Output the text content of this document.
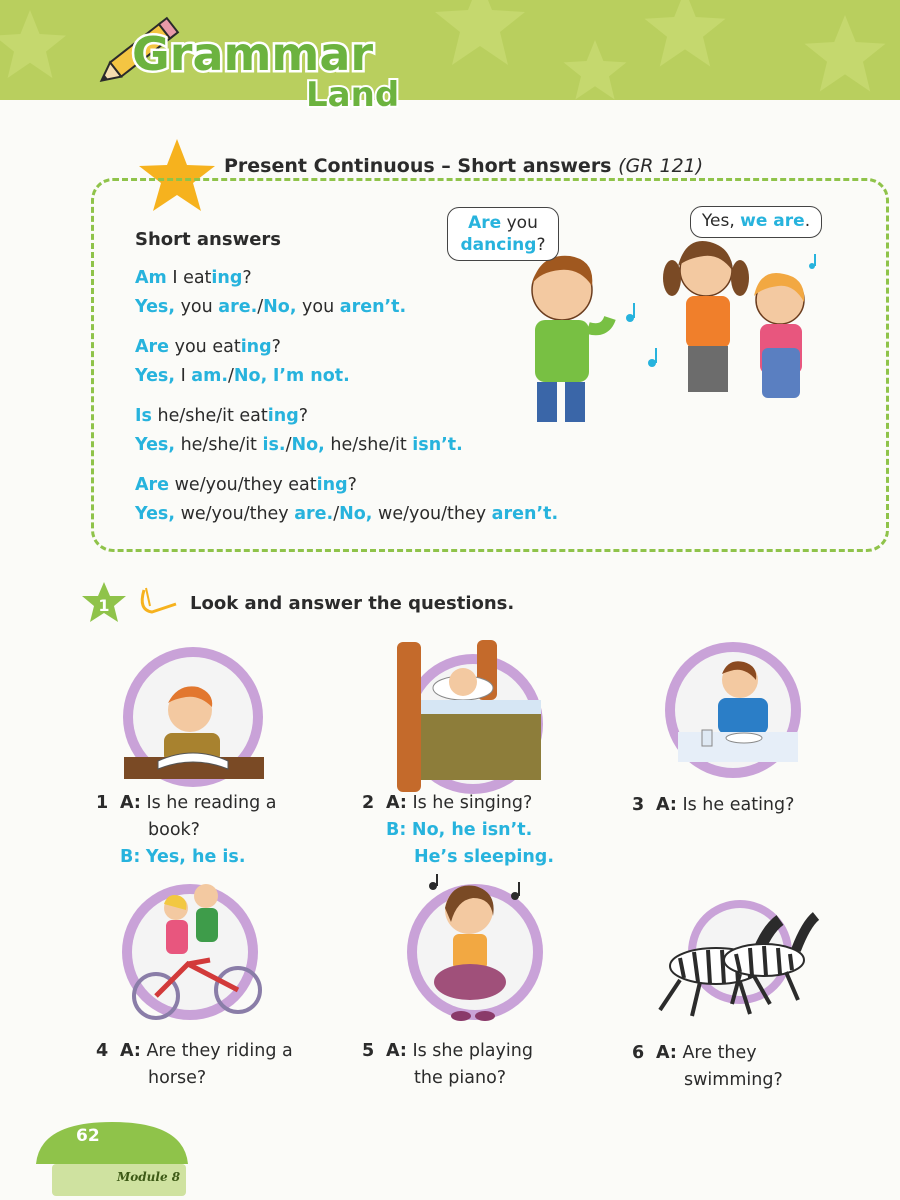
Grammar
Land
Present Continuous – Short answers (GR 121)

Short answers

Am I eating?

Yes, you are./No, you aren’t.

Are you eating?

Yes, I am./No, I’m not.

Is he/she/it eating?

Yes, he/she/it is./No, he/she/it isn’t.

Are we/you/they eating?

Yes, we/you/they are./No, we/you/they aren’t.

Are you
dancing?
Yes, we are.
1	Look and answer the questions.

1 A: Is he reading a

book?

B: Yes, he is.

2 A: Is he singing?

B: No, he isn’t.

He’s sleeping.

3 A: Is he eating?

4 A: Are they riding a

horse?

5 A: Is she playing

the piano?

6 A: Are they

swimming?

62
Module 8
